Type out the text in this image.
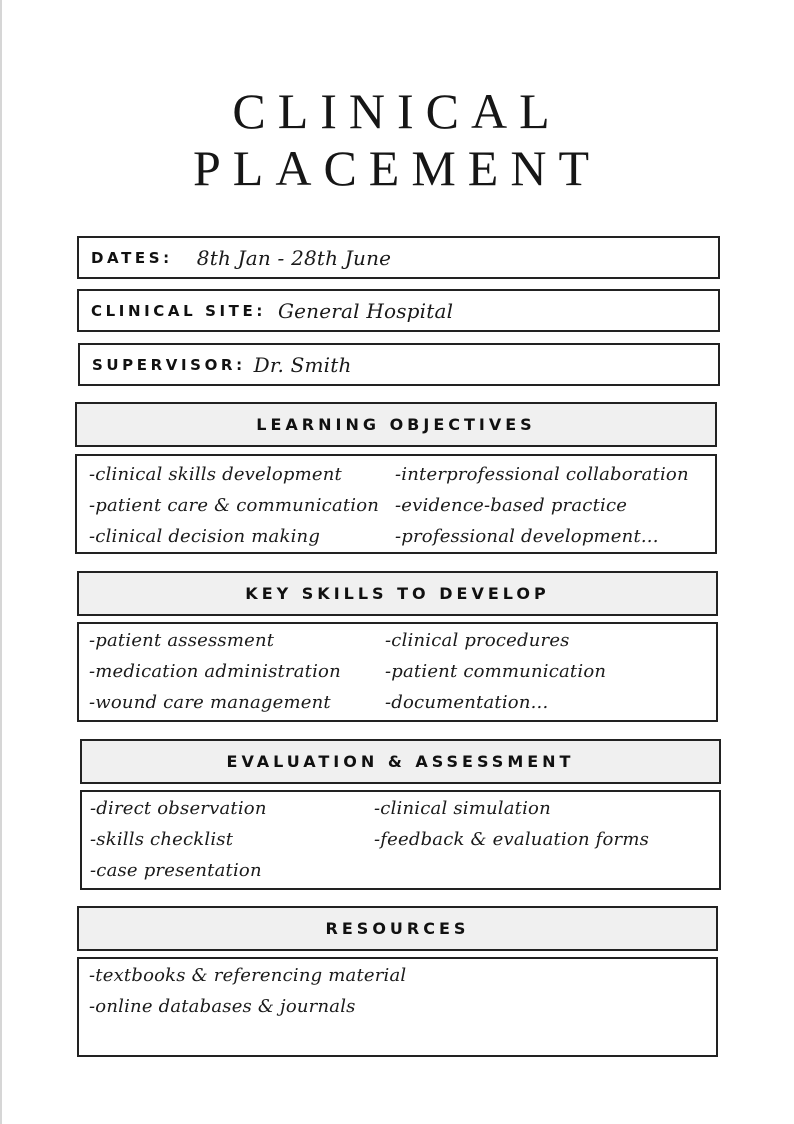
CLINICAL
PLACEMENT
DATES: 8th Jan - 28th June
CLINICAL SITE: General Hospital
SUPERVISOR: Dr. Smith
LEARNING OBJECTIVES
-clinical skills development	-interprofessional collaboration
-patient care & communication -evidence-based practice
-clinical decision making	-professional development...
KEY SKILLS TO DEVELOP
-patient assessment	-clinical procedures
-medication administration -patient communication
-wound care management	-documentation...
EVALUATION & ASSESSMENT
-direct observation	-clinical simulation
-skills checklist	-feedback & evaluation forms
-case presentation
RESOURCES
-textbooks & referencing material
-online databases & journals
